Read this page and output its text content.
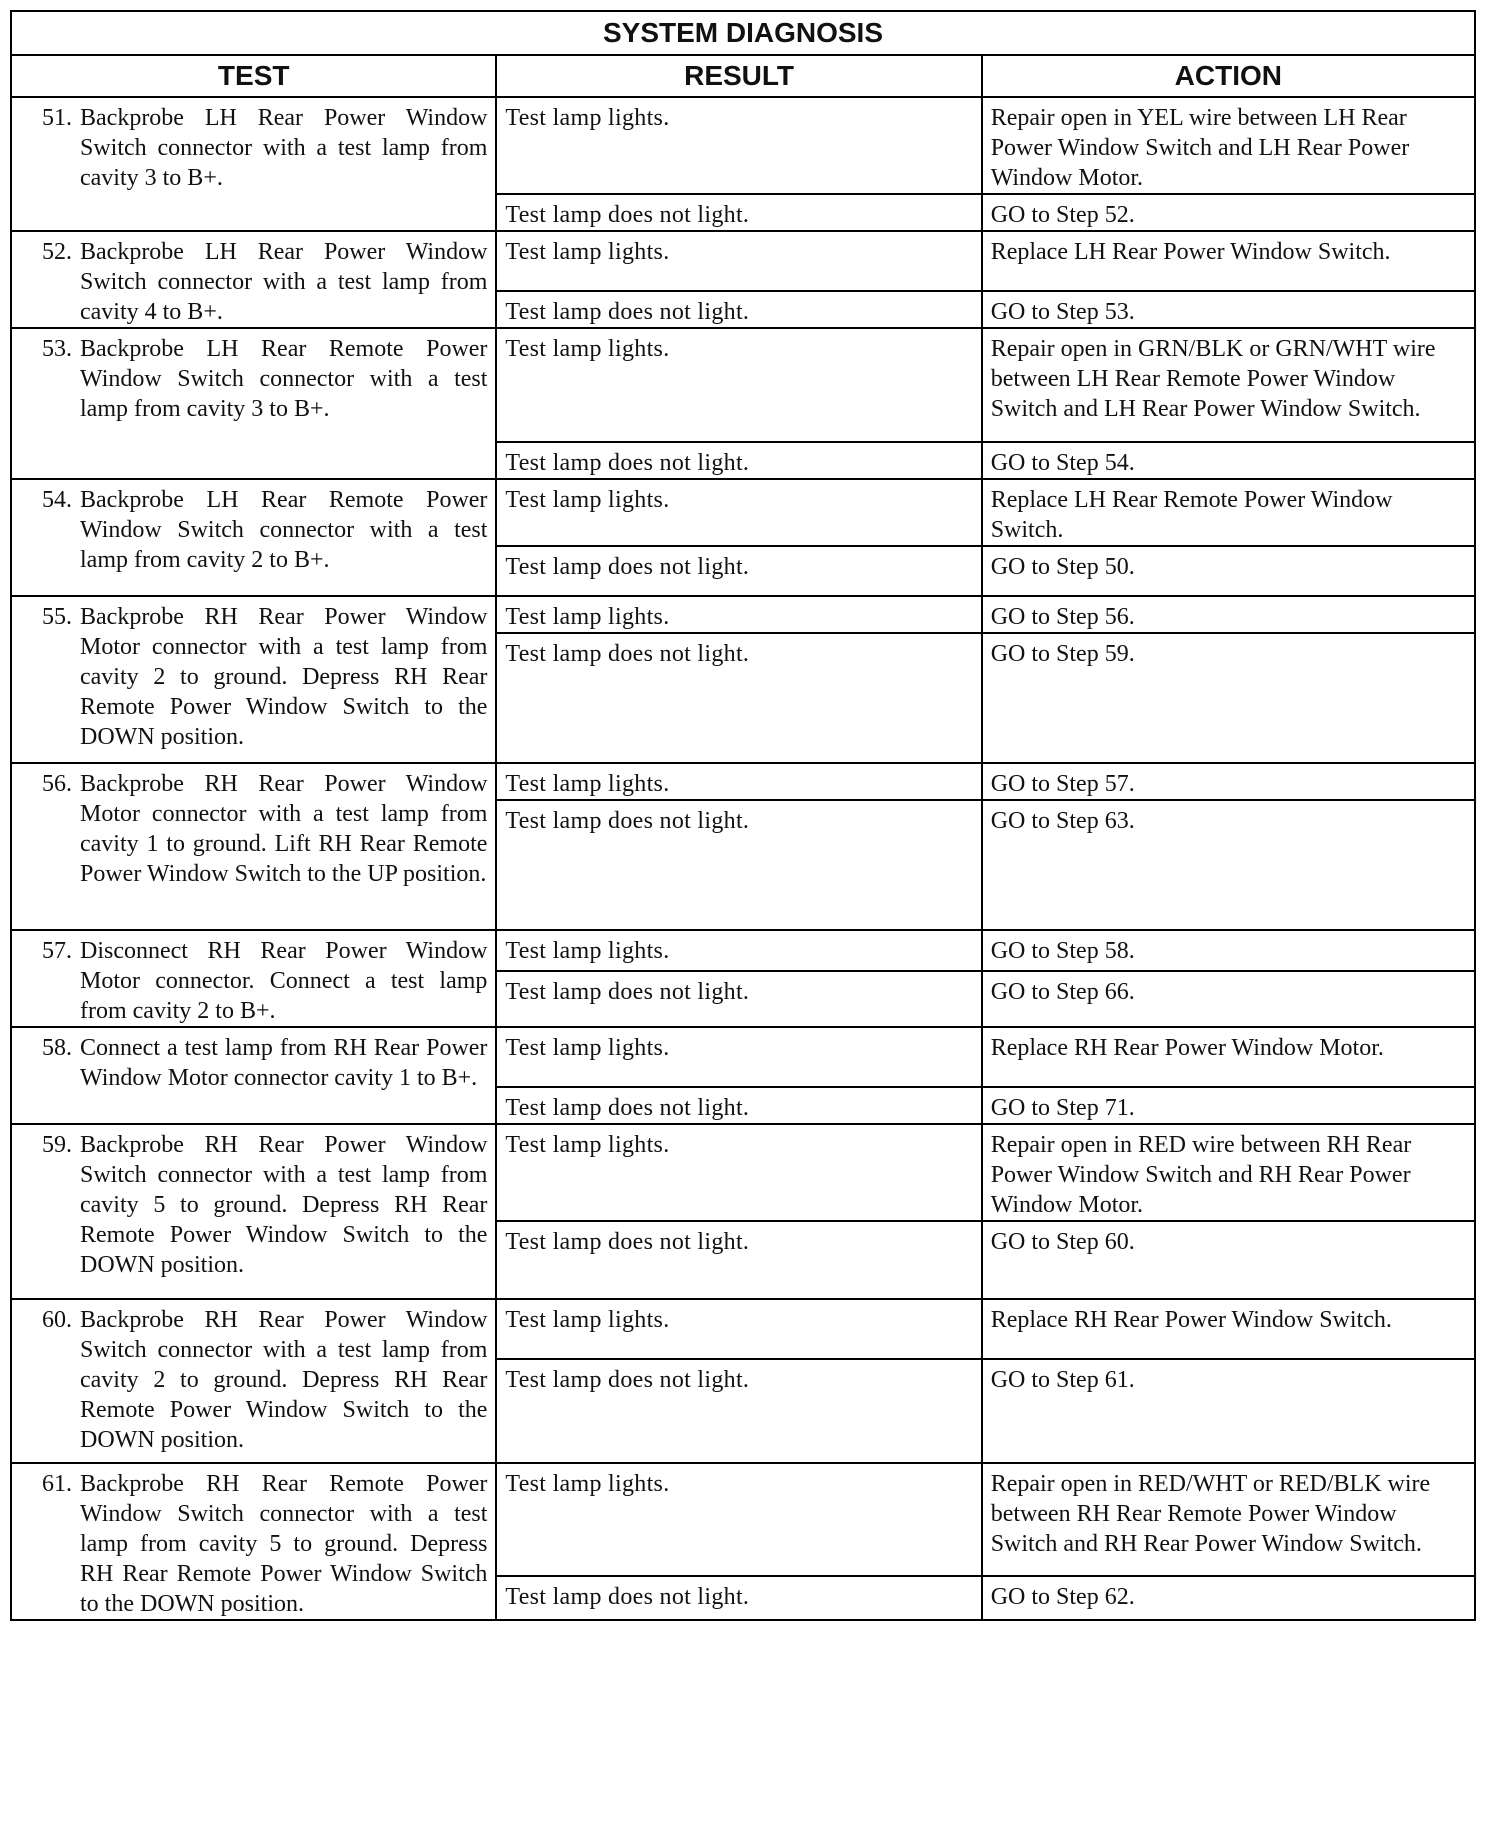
SYSTEM DIAGNOSIS		
TEST	RESULT	ACTION

51. Backprobe LH Rear Power Window Switch connector with a test lamp from cavity 3 to B+.	Test lamp lights.	Repair open in YEL wire between LH Rear Power Window Switch and LH Rear Power Window Motor.
	Test lamp does not light.	GO to Step 52.

52. Backprobe LH Rear Power Window Switch connector with a test lamp from cavity 4 to B+.	Test lamp lights.	Replace LH Rear Power Window Switch.
	Test lamp does not light.	GO to Step 53.

53. Backprobe LH Rear Remote Power Window Switch connector with a test lamp from cavity 3 to B+.	Test lamp lights.	Repair open in GRN/BLK or GRN/WHT wire between LH Rear Remote Power Window Switch and LH Rear Power Window Switch.
	Test lamp does not light.	GO to Step 54.

54. Backprobe LH Rear Remote Power Window Switch connector with a test lamp from cavity 2 to B+.	Test lamp lights.	Replace LH Rear Remote Power Window Switch.
	Test lamp does not light.	GO to Step 50.

55. Backprobe RH Rear Power Window Motor connector with a test lamp from cavity 2 to ground. Depress RH Rear Remote Power Window Switch to the DOWN position.	Test lamp lights.	GO to Step 56.
	Test lamp does not light.	GO to Step 59.

56. Backprobe RH Rear Power Window Motor connector with a test lamp from cavity 1 to ground. Lift RH Rear Remote Power Window Switch to the UP position.	Test lamp lights.	GO to Step 57.
	Test lamp does not light.	GO to Step 63.

57. Disconnect RH Rear Power Window Motor connector. Connect a test lamp from cavity 2 to B+.	Test lamp lights.	GO to Step 58.
	Test lamp does not light.	GO to Step 66.

58. Connect a test lamp from RH Rear Power Window Motor connector cavity 1 to B+.	Test lamp lights.	Replace RH Rear Power Window Motor.
	Test lamp does not light.	GO to Step 71.

59. Backprobe RH Rear Power Window Switch connector with a test lamp from cavity 5 to ground. Depress RH Rear Remote Power Window Switch to the DOWN position.	Test lamp lights.	Repair open in RED wire between RH Rear Power Window Switch and RH Rear Power Window Motor.
	Test lamp does not light.	GO to Step 60.

60. Backprobe RH Rear Power Window Switch connector with a test lamp from cavity 2 to ground. Depress RH Rear Remote Power Window Switch to the DOWN position.	Test lamp lights.	Replace RH Rear Power Window Switch.
	Test lamp does not light.	GO to Step 61.

61. Backprobe RH Rear Remote Power Window Switch connector with a test lamp from cavity 5 to ground. Depress RH Rear Remote Power Window Switch to the DOWN position.	Test lamp lights.	Repair open in RED/WHT or RED/BLK wire between RH Rear Remote Power Window Switch and RH Rear Power Window Switch.
	Test lamp does not light.	GO to Step 62.
